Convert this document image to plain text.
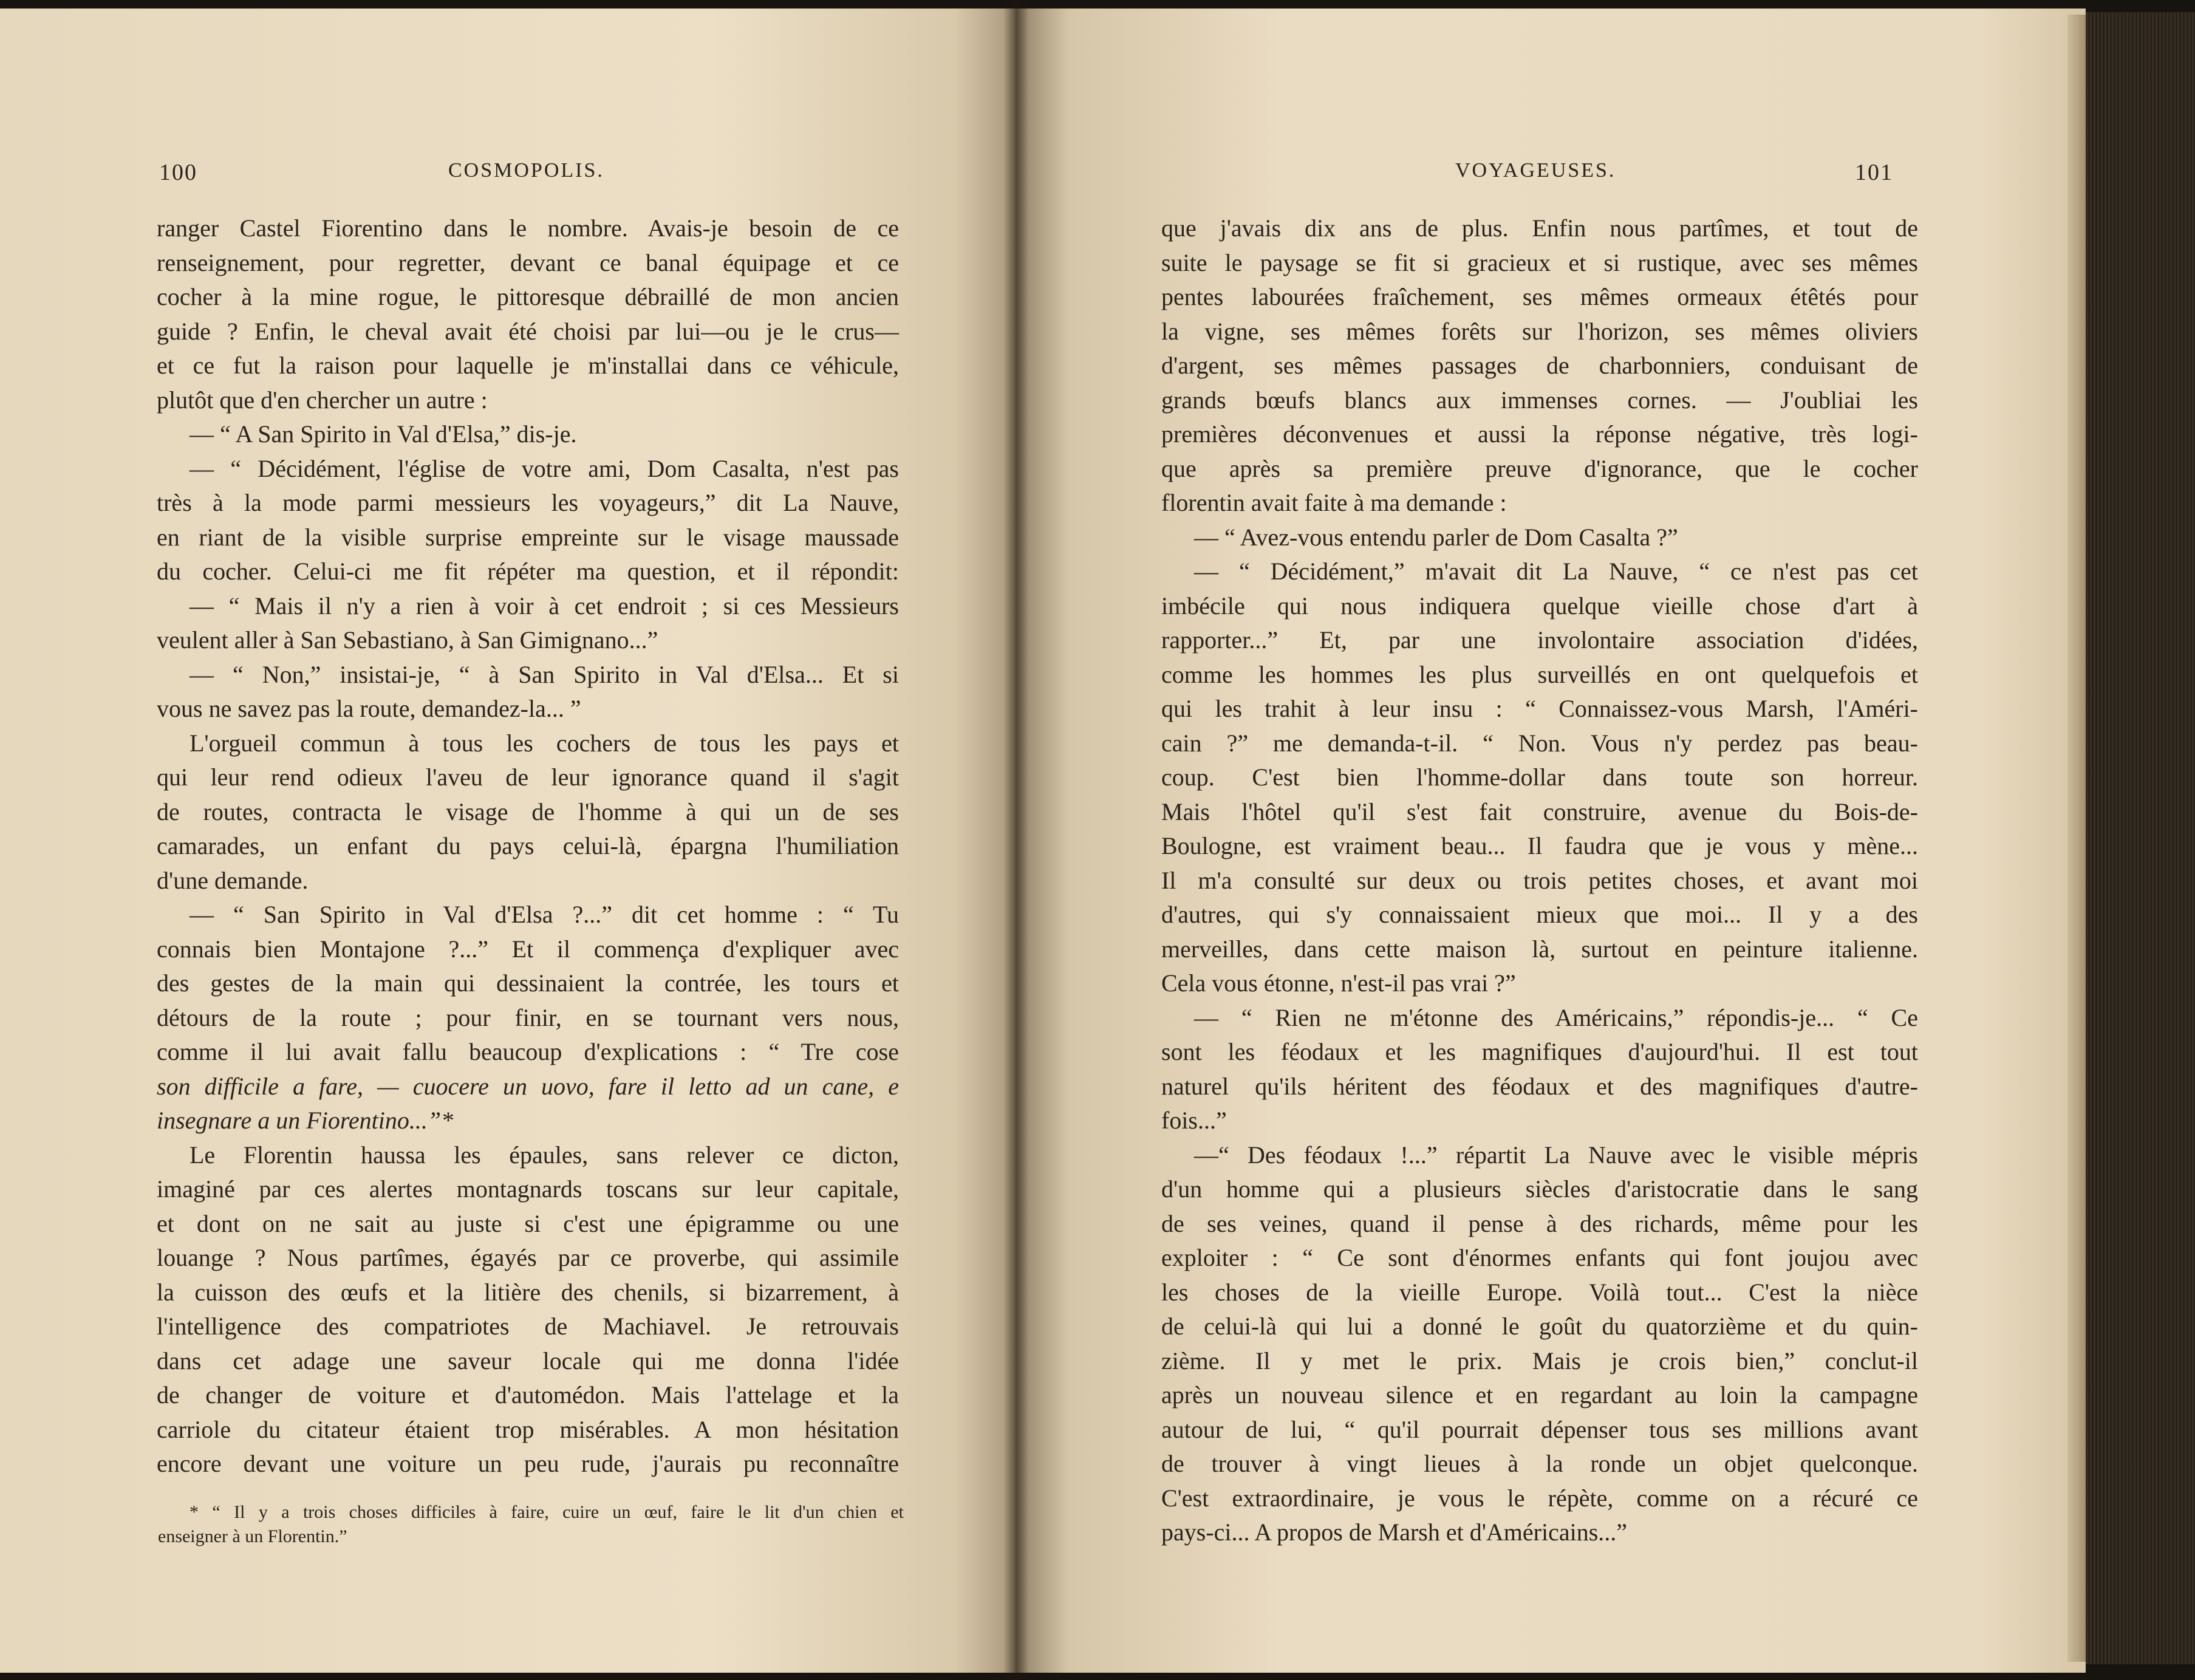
100	COSMOPOLIS.
ranger Castel Fiorentino dans le nombre. Avais-je besoin de ce
renseignement, pour regretter, devant ce banal équipage et ce
cocher à la mine rogue, le pittoresque débraillé de mon ancien
guide ? Enfin, le cheval avait été choisi par lui—ou je le crus—
et ce fut la raison pour laquelle je m'installai dans ce véhicule,
plutôt que d'en chercher un autre :
— “ A San Spirito in Val d'Elsa,” dis-je.
— “ Décidément, l'église de votre ami, Dom Casalta, n'est pas
très à la mode parmi messieurs les voyageurs,” dit La Nauve,
en riant de la visible surprise empreinte sur le visage maussade
du cocher. Celui-ci me fit répéter ma question, et il répondit:
— “ Mais il n'y a rien à voir à cet endroit ; si ces Messieurs
veulent aller à San Sebastiano, à San Gimignano...”
— “ Non,” insistai-je, “ à San Spirito in Val d'Elsa... Et si
vous ne savez pas la route, demandez-la... ”
L'orgueil commun à tous les cochers de tous les pays et
qui leur rend odieux l'aveu de leur ignorance quand il s'agit
de routes, contracta le visage de l'homme à qui un de ses
camarades, un enfant du pays celui-là, épargna l'humiliation
d'une demande.
— “ San Spirito in Val d'Elsa ?...” dit cet homme : “ Tu
connais bien Montajone ?...” Et il commença d'expliquer avec
des gestes de la main qui dessinaient la contrée, les tours et
détours de la route ; pour finir, en se tournant vers nous,
comme il lui avait fallu beaucoup d'explications : “ Tre cose
son difficile a fare, — cuocere un uovo, fare il letto ad un cane, e
insegnare a un Fiorentino...”*
Le Florentin haussa les épaules, sans relever ce dicton,
imaginé par ces alertes montagnards toscans sur leur capitale,
et dont on ne sait au juste si c'est une épigramme ou une
louange ? Nous partîmes, égayés par ce proverbe, qui assimile
la cuisson des œufs et la litière des chenils, si bizarrement, à
l'intelligence des compatriotes de Machiavel. Je retrouvais
dans cet adage une saveur locale qui me donna l'idée
de changer de voiture et d'automédon. Mais l'attelage et la
carriole du citateur étaient trop misérables. A mon hésitation
encore devant une voiture un peu rude, j'aurais pu reconnaître
* “ Il y a trois choses difficiles à faire, cuire un œuf, faire le lit d'un chien et
enseigner à un Florentin.”
VOYAGEUSES.	101
que j'avais dix ans de plus. Enfin nous partîmes, et tout de
suite le paysage se fit si gracieux et si rustique, avec ses mêmes
pentes labourées fraîchement, ses mêmes ormeaux étêtés pour
la vigne, ses mêmes forêts sur l'horizon, ses mêmes oliviers
d'argent, ses mêmes passages de charbonniers, conduisant de
grands bœufs blancs aux immenses cornes. — J'oubliai les
premières déconvenues et aussi la réponse négative, très logi-
que après sa première preuve d'ignorance, que le cocher
florentin avait faite à ma demande :
— “ Avez-vous entendu parler de Dom Casalta ?”
— “ Décidément,” m'avait dit La Nauve, “ ce n'est pas cet
imbécile qui nous indiquera quelque vieille chose d'art à
rapporter...” Et, par une involontaire association d'idées,
comme les hommes les plus surveillés en ont quelquefois et
qui les trahit à leur insu : “ Connaissez-vous Marsh, l'Améri-
cain ?” me demanda-t-il. “ Non. Vous n'y perdez pas beau-
coup. C'est bien l'homme-dollar dans toute son horreur.
Mais l'hôtel qu'il s'est fait construire, avenue du Bois-de-
Boulogne, est vraiment beau... Il faudra que je vous y mène...
Il m'a consulté sur deux ou trois petites choses, et avant moi
d'autres, qui s'y connaissaient mieux que moi... Il y a des
merveilles, dans cette maison là, surtout en peinture italienne.
Cela vous étonne, n'est-il pas vrai ?”
— “ Rien ne m'étonne des Américains,” répondis-je... “ Ce
sont les féodaux et les magnifiques d'aujourd'hui. Il est tout
naturel qu'ils héritent des féodaux et des magnifiques d'autre-
fois...”
—“ Des féodaux !...” répartit La Nauve avec le visible mépris
d'un homme qui a plusieurs siècles d'aristocratie dans le sang
de ses veines, quand il pense à des richards, même pour les
exploiter : “ Ce sont d'énormes enfants qui font joujou avec
les choses de la vieille Europe. Voilà tout... C'est la nièce
de celui-là qui lui a donné le goût du quatorzième et du quin-
zième. Il y met le prix. Mais je crois bien,” conclut-il
après un nouveau silence et en regardant au loin la campagne
autour de lui, “ qu'il pourrait dépenser tous ses millions avant
de trouver à vingt lieues à la ronde un objet quelconque.
C'est extraordinaire, je vous le répète, comme on a récuré ce
pays-ci... A propos de Marsh et d'Américains...”
